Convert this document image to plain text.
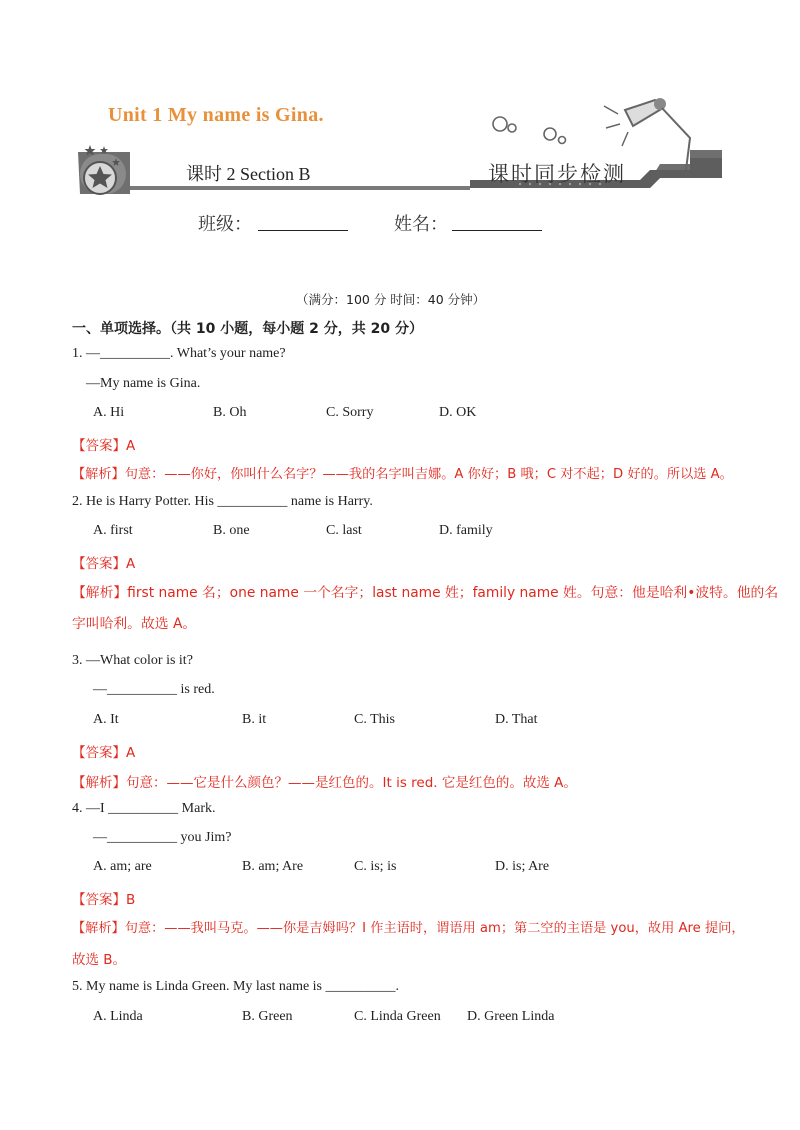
Unit 1 My name is Gina.
课时 2 Section B	课时同步检测
班级：	姓名：
（满分：100 分 时间：40 分钟）
一、单项选择。（共 10 小题，每小题 2 分，共 20 分）
1. —__________. What’s your name?
—My name is Gina.
A. Hi	B. Oh	C. Sorry	D. OK
【答案】A
【解析】句意：——你好，你叫什么名字？——我的名字叫吉娜。A 你好；B 哦；C 对不起；D 好的。所以选 A。
2. He is Harry Potter. His __________ name is Harry.
A. first	B. one	C. last	D. family
【答案】A
【解析】first name 名；one name 一个名字；last name 姓；family name 姓。句意：他是哈利•波特。他的名
字叫哈利。故选 A。
3. —What color is it?
—__________ is red.
A. It	B. it	C. This	D. That
【答案】A
【解析】句意：——它是什么颜色？——是红色的。It is red. 它是红色的。故选 A。
4. —I __________ Mark.
—__________ you Jim?
A. am; are	B. am; Are	C. is; is	D. is; Are
【答案】B
【解析】句意：——我叫马克。——你是吉姆吗？I 作主语时，谓语用 am；第二空的主语是 you，故用 Are 提问，
故选 B。
5. My name is Linda Green. My last name is __________.
A. Linda	B. Green	C. Linda Green D. Green Linda
